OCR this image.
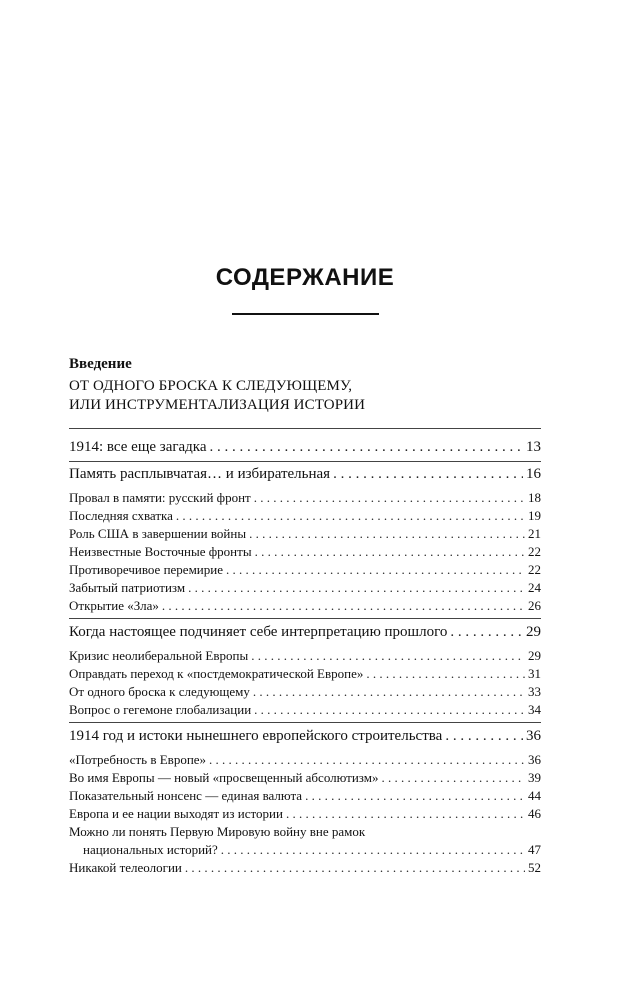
СОДЕРЖАНИЕ

Введение

ОТ ОДНОГО БРОСКА К СЛЕДУЮЩЕМУ,

ИЛИ ИНСТРУМЕНТАЛИЗАЦИЯ ИСТОРИИ

1914: все еще загадка . . .	13
Память расплывчатая… и избирательная . . .	16
Провал в памяти: русский фронт . . .	18
Последняя схватка . . .	19
Роль США в завершении войны . . .	21
Неизвестные Восточные фронты . . .	22
Противоречивое перемирие . . .	22
Забытый патриотизм . . .	24
Открытие «Зла» . . .	26
Когда настоящее подчиняет себе интерпретацию прошлого . . .	29
Кризис неолиберальной Европы . . .	29
Оправдать переход к «постдемократической Европе» . . .	31
От одного броска к следующему . . .	33
Вопрос о гегемоне глобализации . . .	34
1914 год и истоки нынешнего европейского строительства . . .	36
«Потребность в Европе» . . .	36
Во имя Европы — новый «просвещенный абсолютизм» . . .	39
Показательный нонсенс — единая валюта . . .	44
Европа и ее нации выходят из истории . . .	46
Можно ли понять Первую Мировую войну вне рамок
национальных историй? . . .	47
Никакой телеологии . . .	52
